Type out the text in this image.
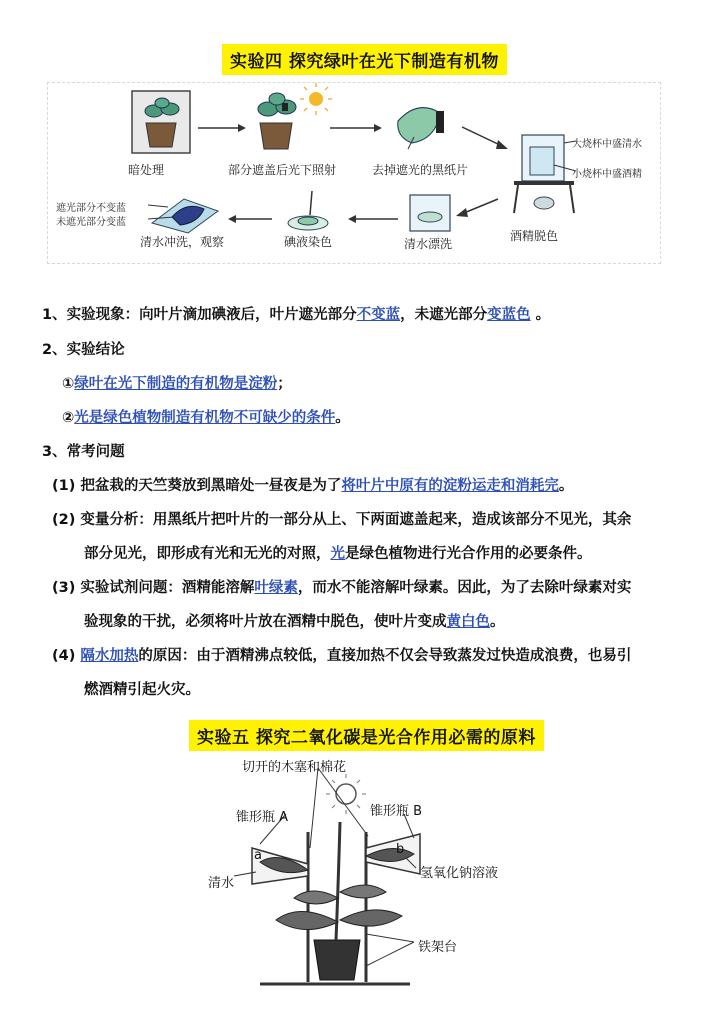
实验四 探究绿叶在光下制造有机物
暗处理	部分遮盖后光下照射	去掉遮光的黑纸片
大烧杯中盛清水
小烧杯中盛酒精
酒精脱色
清水漂洗
碘液染色
清水冲洗，观察
遮光部分不变蓝
未遮光部分变蓝
1、实验现象：向叶片滴加碘液后，叶片遮光部分不变蓝，未遮光部分变蓝色 。
2、实验结论
①绿叶在光下制造的有机物是淀粉；
②光是绿色植物制造有机物不可缺少的条件。
3、常考问题
(1) 把盆栽的天竺葵放到黑暗处一昼夜是为了将叶片中原有的淀粉运走和消耗完。
(2) 变量分析：用黑纸片把叶片的一部分从上、下两面遮盖起来，造成该部分不见光，其余
部分见光，即形成有光和无光的对照，光是绿色植物进行光合作用的必要条件。
(3) 实验试剂问题：酒精能溶解叶绿素，而水不能溶解叶绿素。因此，为了去除叶绿素对实
验现象的干扰，必须将叶片放在酒精中脱色，使叶片变成黄白色。
(4) 隔水加热的原因：由于酒精沸点较低，直接加热不仅会导致蒸发过快造成浪费，也易引
燃酒精引起火灾。
实验五 探究二氧化碳是光合作用必需的原料
切开的木塞和棉花
锥形瓶 A	锥形瓶 B
a	b
清水
氢氧化钠溶液
铁架台
